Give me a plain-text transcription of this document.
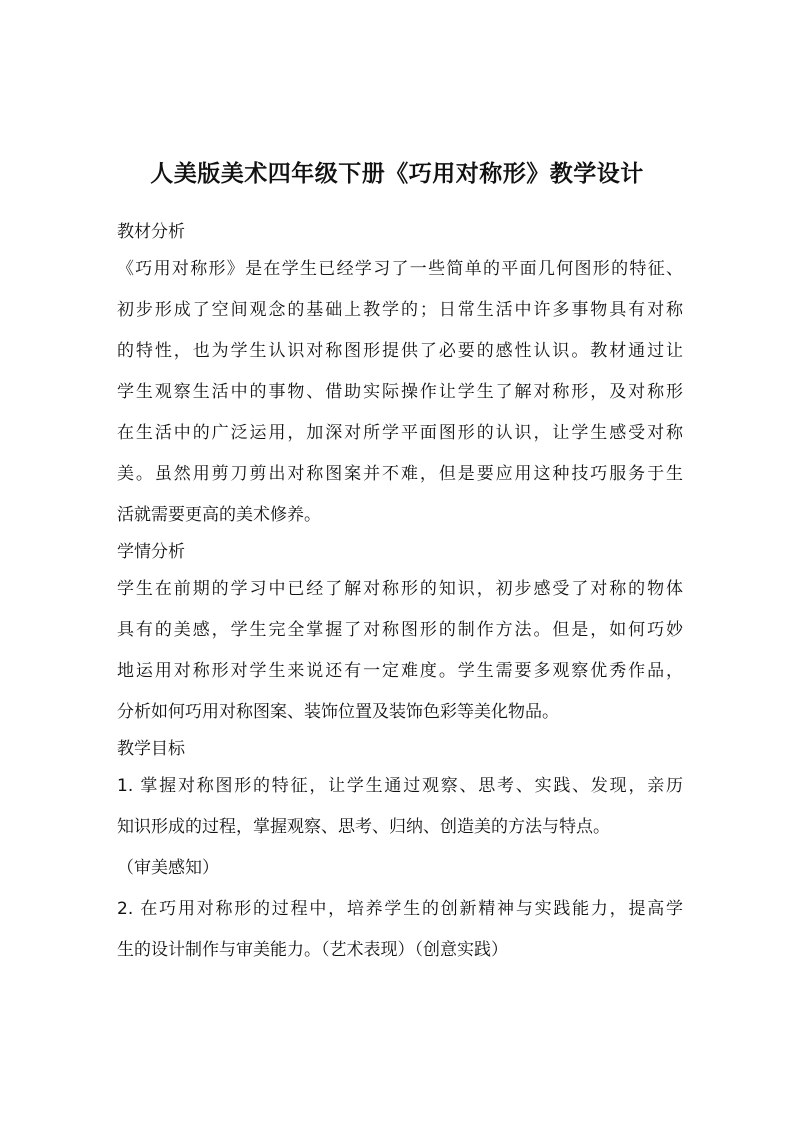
人美版美术四年级下册《巧用对称形》教学设计
教材分析
《巧用对称形》是在学生已经学习了一些简单的平面几何图形的特征、
初步形成了空间观念的基础上教学的；日常生活中许多事物具有对称
的特性，也为学生认识对称图形提供了必要的感性认识。教材通过让
学生观察生活中的事物、借助实际操作让学生了解对称形，及对称形
在生活中的广泛运用，加深对所学平面图形的认识，让学生感受对称
美。虽然用剪刀剪出对称图案并不难，但是要应用这种技巧服务于生
活就需要更高的美术修养。
学情分析
学生在前期的学习中已经了解对称形的知识，初步感受了对称的物体
具有的美感，学生完全掌握了对称图形的制作方法。但是，如何巧妙
地运用对称形对学生来说还有一定难度。学生需要多观察优秀作品，
分析如何巧用对称图案、装饰位置及装饰色彩等美化物品。
教学目标
1. 掌握对称图形的特征，让学生通过观察、思考、实践、发现，亲历
知识形成的过程，掌握观察、思考、归纳、创造美的方法与特点。
（审美感知）
2. 在巧用对称形的过程中，培养学生的创新精神与实践能力，提高学
生的设计制作与审美能力。（艺术表现）（创意实践）
